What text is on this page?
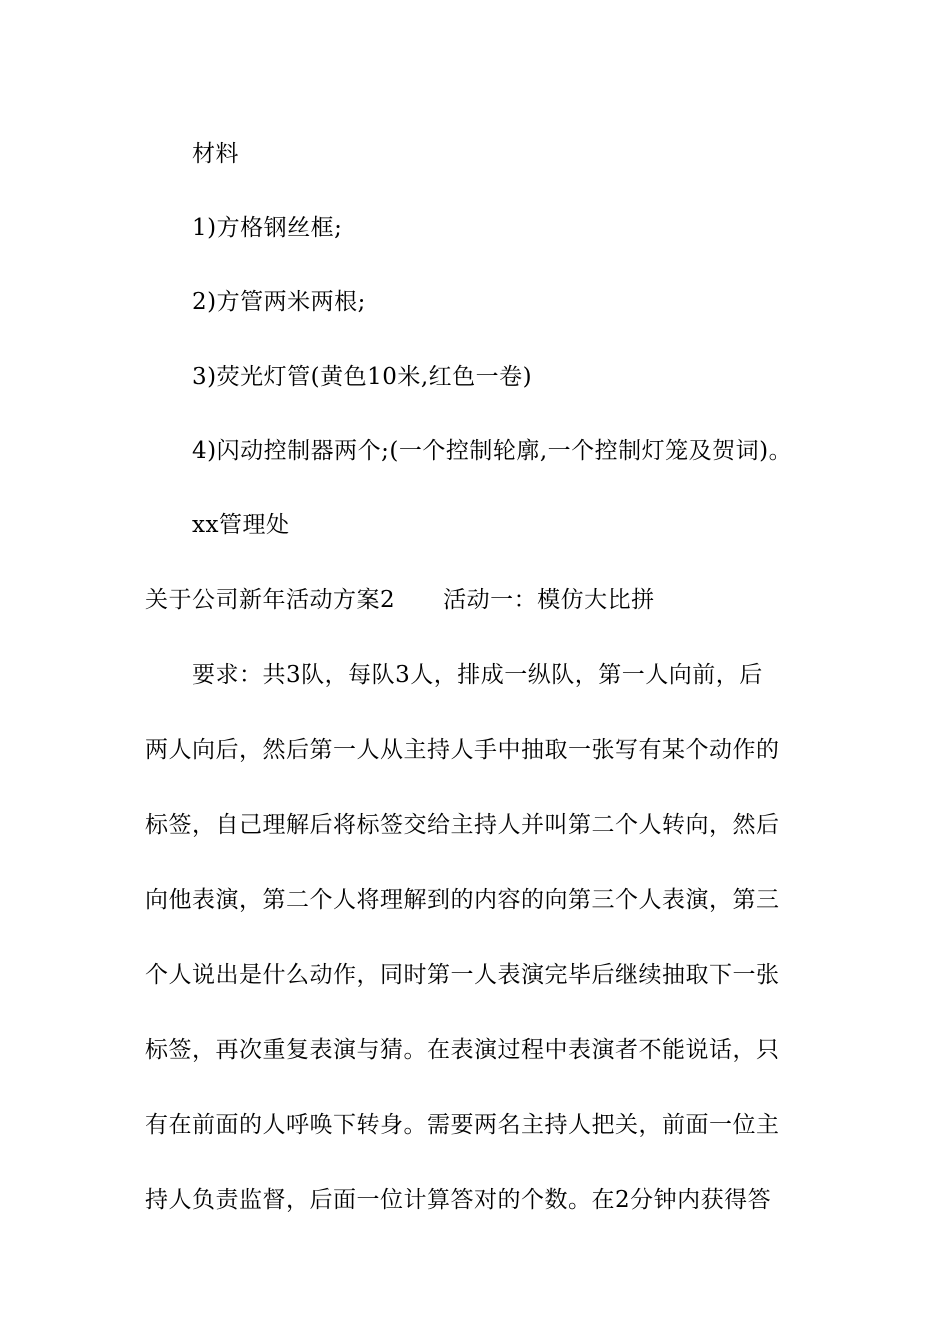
材料
1)方格钢丝框;
2)方管两米两根;
3)荧光灯管(黄色10米,红色一卷)
4)闪动控制器两个;(一个控制轮廓,一个控制灯笼及贺词)。
xx管理处
关于公司新年活动方案2 活动一：模仿大比拼
要求：共3队，每队3人，排成一纵队，第一人向前，后
两人向后，然后第一人从主持人手中抽取一张写有某个动作的
标签，自己理解后将标签交给主持人并叫第二个人转向，然后
向他表演，第二个人将理解到的内容的向第三个人表演，第三
个人说出是什么动作，同时第一人表演完毕后继续抽取下一张
标签，再次重复表演与猜。在表演过程中表演者不能说话，只
有在前面的人呼唤下转身。需要两名主持人把关，前面一位主
持人负责监督，后面一位计算答对的个数。在2分钟内获得答
